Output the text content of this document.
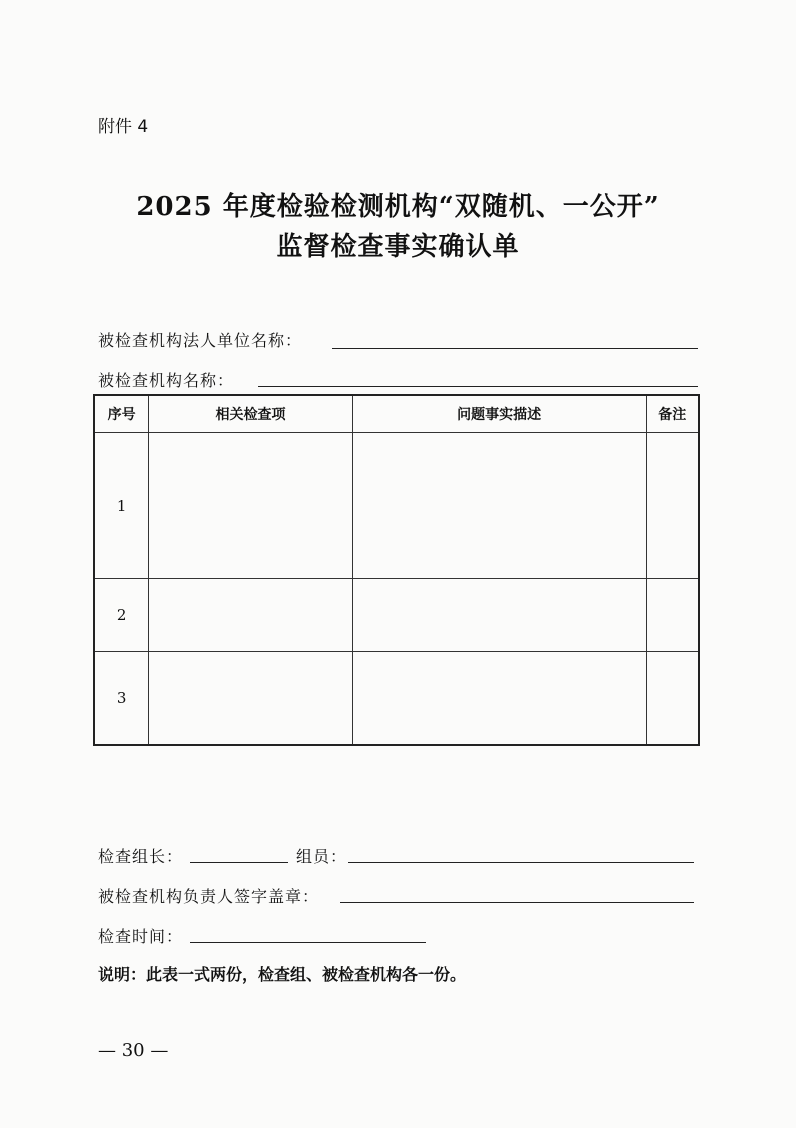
附件 4
2025 年度检验检测机构“双随机、一公开”
监督检查事实确认单
被检查机构法人单位名称：
被检查机构名称：
序号	相关检查项	问题事实描述	备注
1			
2			
3			
检查组长：	组员：
被检查机构负责人签字盖章：
检查时间：
说明：此表一式两份，检查组、被检查机构各一份。
— 30 —
